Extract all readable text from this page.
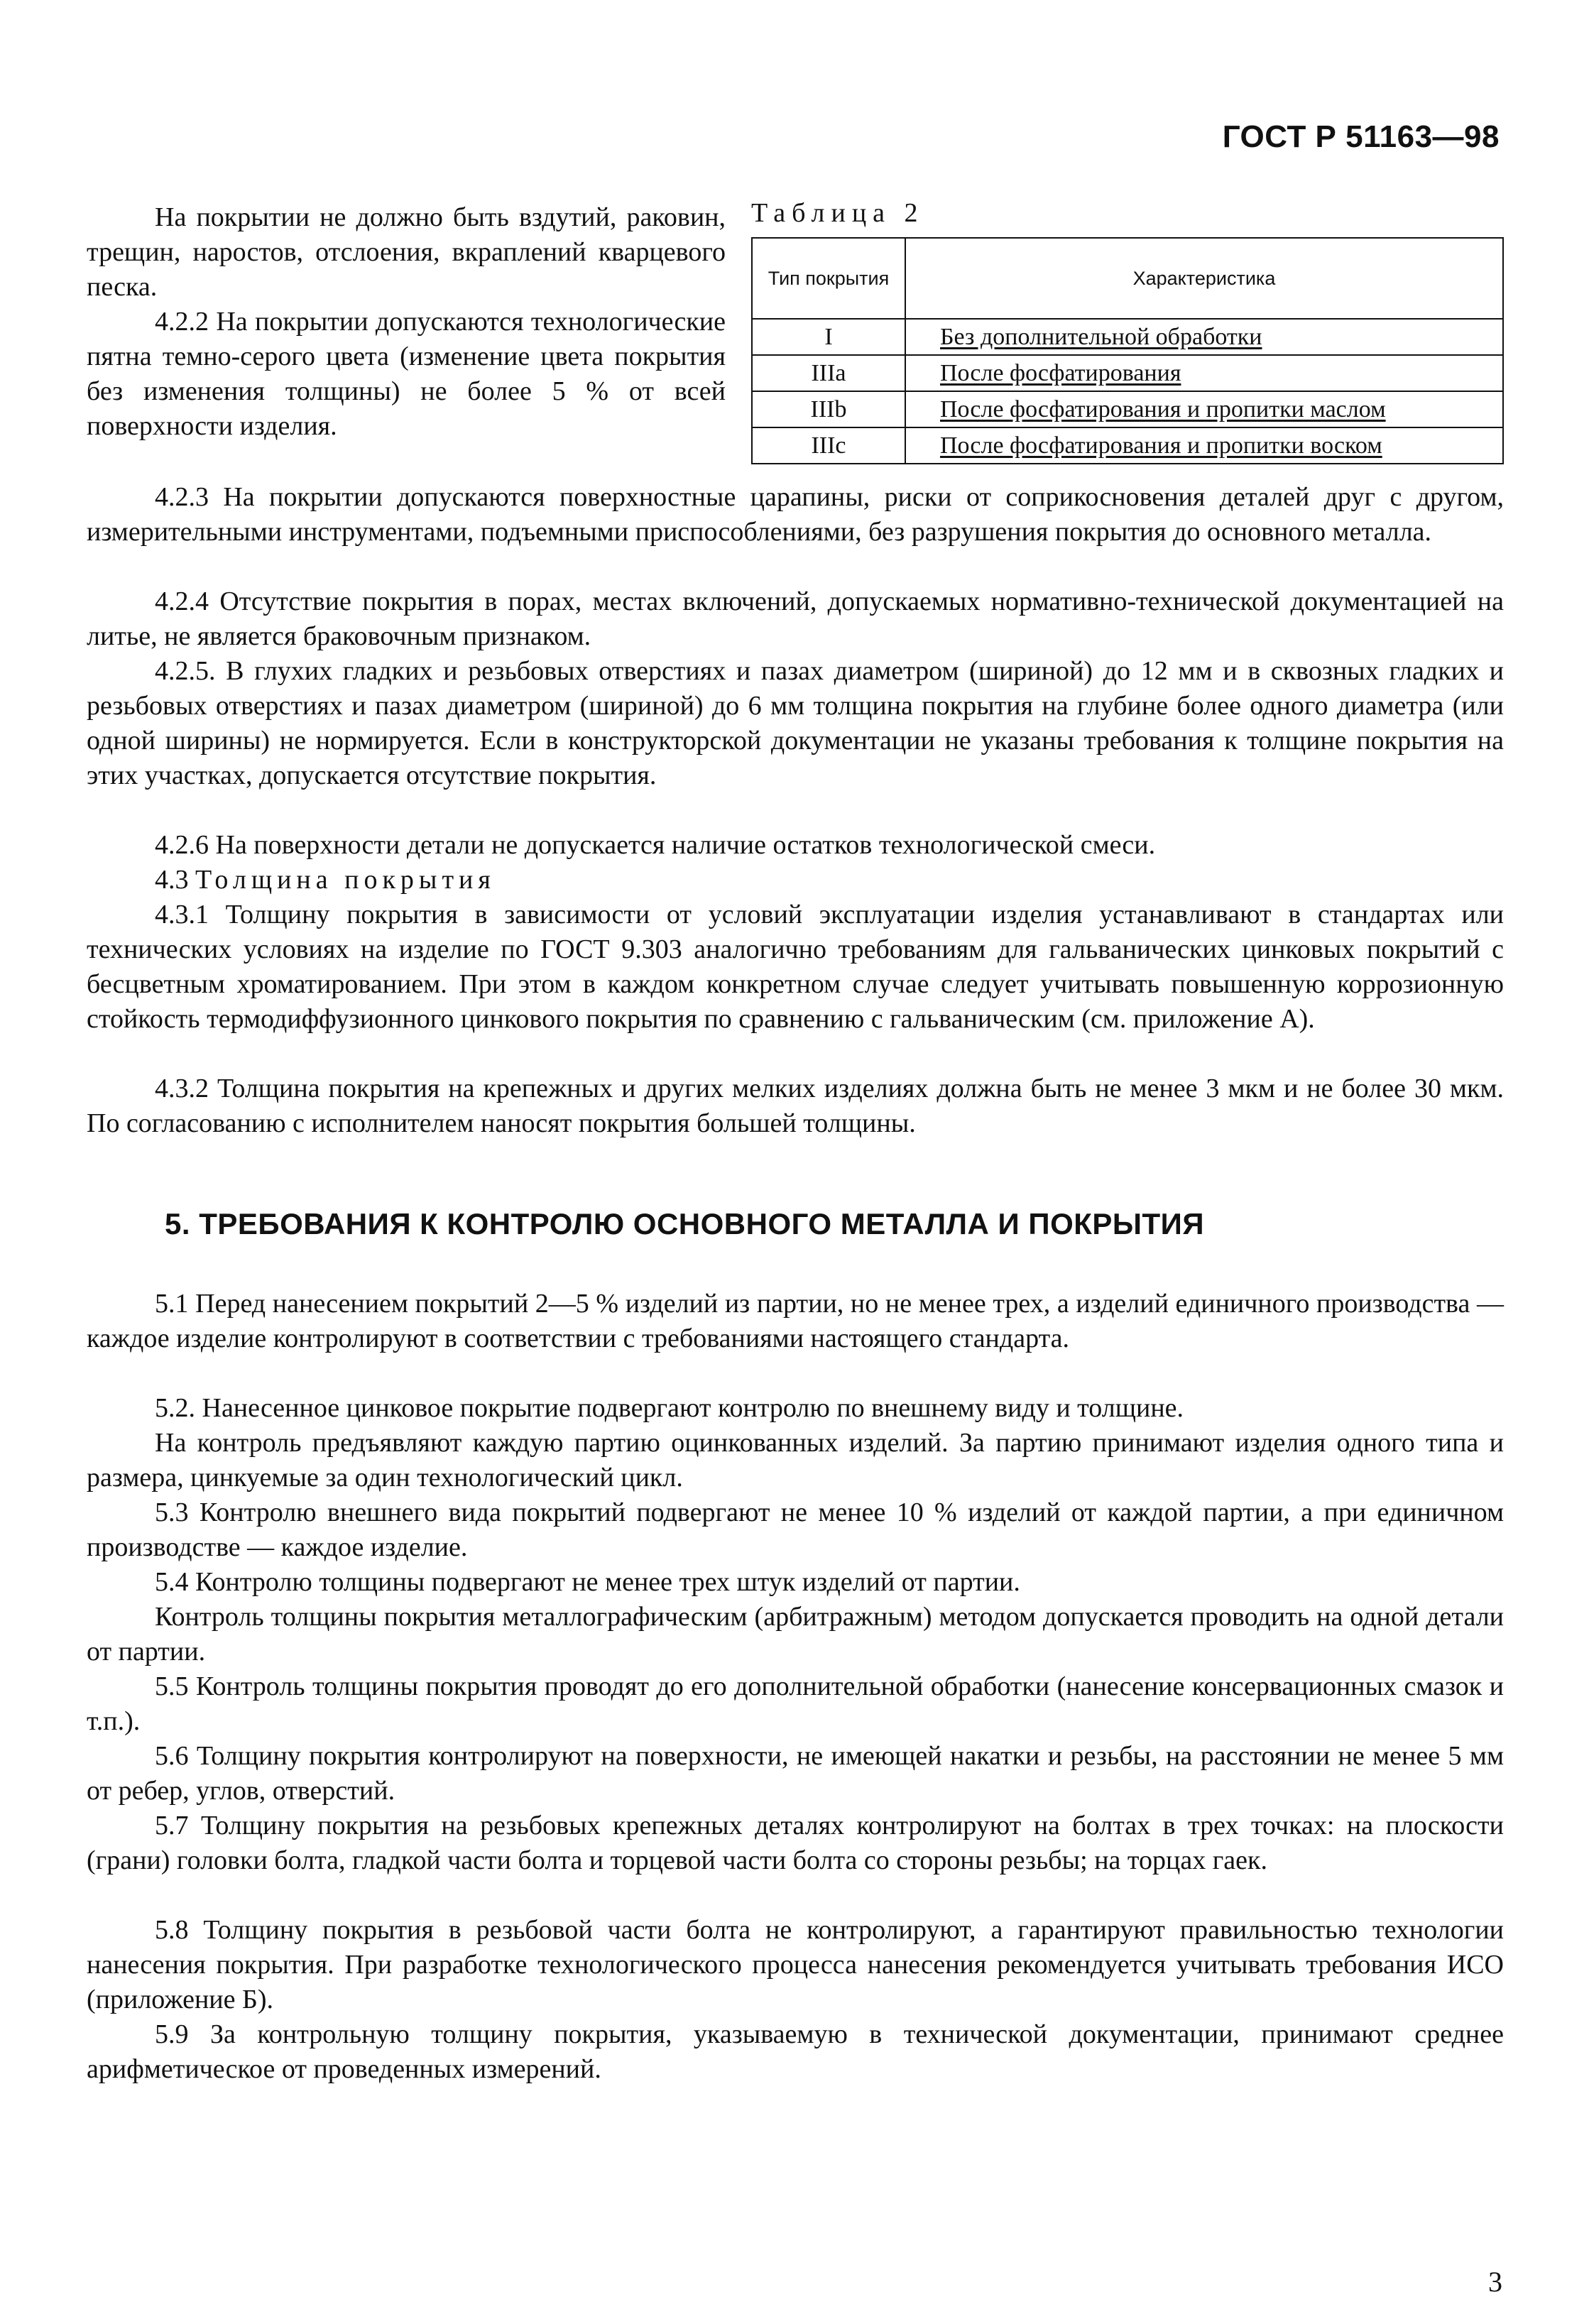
ГОСТ Р 51163—98

На покрытии не должно быть вздутий, раковин, трещин, наростов, отслоения, вкраплений кварцевого песка.

4.2.2 На покрытии допускаются технологические пятна темно-серого цвета (изменение цвета покрытия без изменения толщины) не более 5 % от всей поверхности изделия.

Таблица 2
Тип покрытия	Характеристика
I	Без дополнительной обработки
IIIa	После фосфатирования
IIIb	После фосфатирования и пропитки маслом
IIIc	После фосфатирования и пропитки воском
4.2.3 На покрытии допускаются поверхностные царапины, риски от соприкосновения деталей друг с другом, измерительными инструментами, подъемными приспособлениями, без разрушения покрытия до основного металла.
4.2.4 Отсутствие покрытия в порах, местах включений, допускаемых нормативно-технической документацией на литье, не является браковочным признаком.
4.2.5. В глухих гладких и резьбовых отверстиях и пазах диаметром (шириной) до 12 мм и в сквозных гладких и резьбовых отверстиях и пазах диаметром (шириной) до 6 мм толщина покрытия на глубине более одного диаметра (или одной ширины) не нормируется. Если в конструкторской документации не указаны требования к толщине покрытия на этих участках, допускается отсутствие покрытия.
4.2.6 На поверхности детали не допускается наличие остатков технологической смеси.
4.3 Толщина покрытия
4.3.1 Толщину покрытия в зависимости от условий эксплуатации изделия устанавливают в стандартах или технических условиях на изделие по ГОСТ 9.303 аналогично требованиям для гальванических цинковых покрытий с бесцветным хроматированием. При этом в каждом конкретном случае следует учитывать повышенную коррозионную стойкость термодиффузионного цинкового покрытия по сравнению с гальваническим (см. приложение А).
4.3.2 Толщина покрытия на крепежных и других мелких изделиях должна быть не менее 3 мкм и не более 30 мкм. По согласованию с исполнителем наносят покрытия большей толщины.
5. ТРЕБОВАНИЯ К КОНТРОЛЮ ОСНОВНОГО МЕТАЛЛА И ПОКРЫТИЯ
5.1 Перед нанесением покрытий 2—5 % изделий из партии, но не менее трех, а изделий единичного производства — каждое изделие контролируют в соответствии с требованиями настоящего стандарта.
5.2. Нанесенное цинковое покрытие подвергают контролю по внешнему виду и толщине.
На контроль предъявляют каждую партию оцинкованных изделий. За партию принимают изделия одного типа и размера, цинкуемые за один технологический цикл.
5.3 Контролю внешнего вида покрытий подвергают не менее 10 % изделий от каждой партии, а при единичном производстве — каждое изделие.
5.4 Контролю толщины подвергают не менее трех штук изделий от партии.
Контроль толщины покрытия металлографическим (арбитражным) методом допускается проводить на одной детали от партии.
5.5 Контроль толщины покрытия проводят до его дополнительной обработки (нанесение консервационных смазок и т.п.).
5.6 Толщину покрытия контролируют на поверхности, не имеющей накатки и резьбы, на расстоянии не менее 5 мм от ребер, углов, отверстий.
5.7 Толщину покрытия на резьбовых крепежных деталях контролируют на болтах в трех точках: на плоскости (грани) головки болта, гладкой части болта и торцевой части болта со стороны резьбы; на торцах гаек.
5.8 Толщину покрытия в резьбовой части болта не контролируют, а гарантируют правильностью технологии нанесения покрытия. При разработке технологического процесса нанесения рекомендуется учитывать требования ИСО (приложение Б).
5.9 За контрольную толщину покрытия, указываемую в технической документации, принимают среднее арифметическое от проведенных измерений.
3
